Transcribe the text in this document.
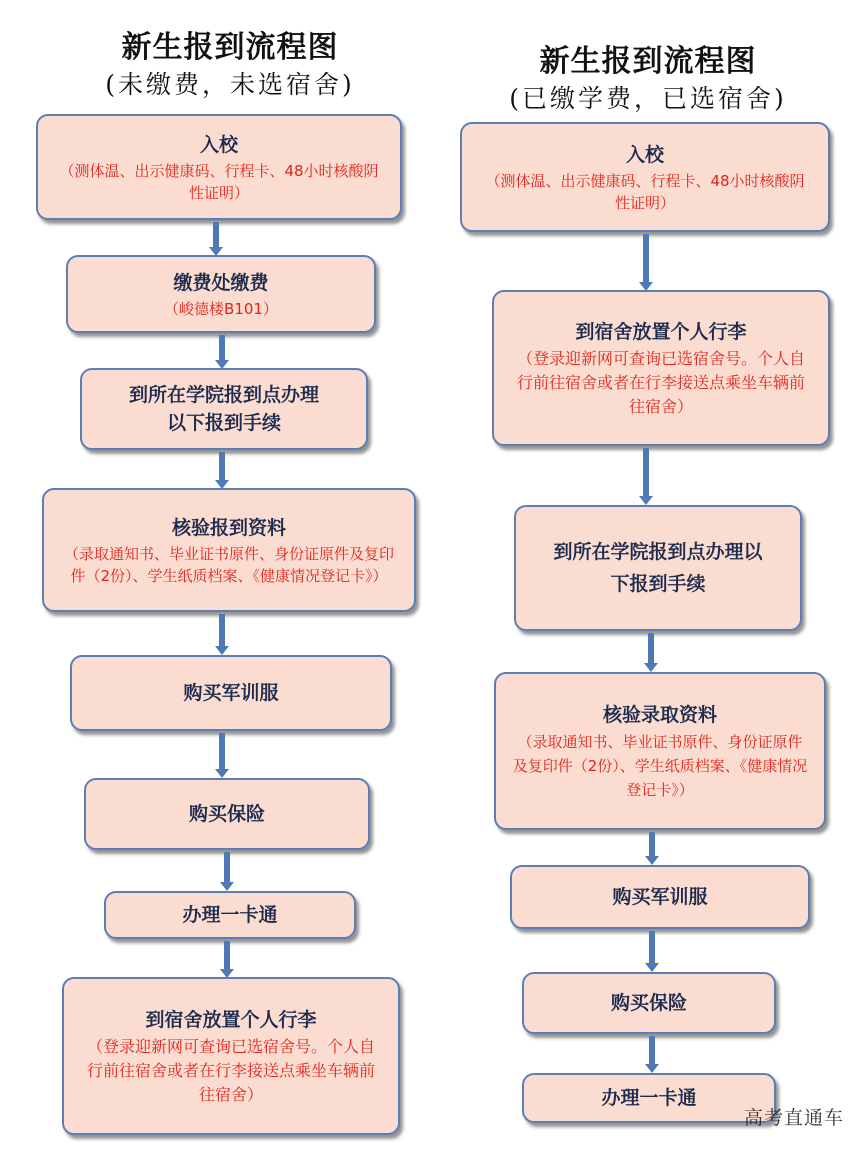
新生报到流程图
(未缴费，未选宿舍)
新生报到流程图
(已缴学费，已选宿舍)
入校
（测体温、出示健康码、行程卡、48小时核酸阴性证明）
缴费处缴费
（峻德楼B101）
到所在学院报到点办理以下报到手续
核验报到资料
（录取通知书、毕业证书原件、身份证原件及复印件（2份）、学生纸质档案、《健康情况登记卡》）
购买军训服
购买保险
办理一卡通
到宿舍放置个人行李
（登录迎新网可查询已选宿舍号。个人自行前往宿舍或者在行李接送点乘坐车辆前往宿舍）
入校
（测体温、出示健康码、行程卡、48小时核酸阴性证明）
到宿舍放置个人行李
（登录迎新网可查询已选宿舍号。个人自行前往宿舍或者在行李接送点乘坐车辆前往宿舍）
到所在学院报到点办理以下报到手续
核验录取资料
（录取通知书、毕业证书原件、身份证原件及复印件（2份）、学生纸质档案、《健康情况登记卡》）
购买军训服
购买保险
办理一卡通
高考直通车
